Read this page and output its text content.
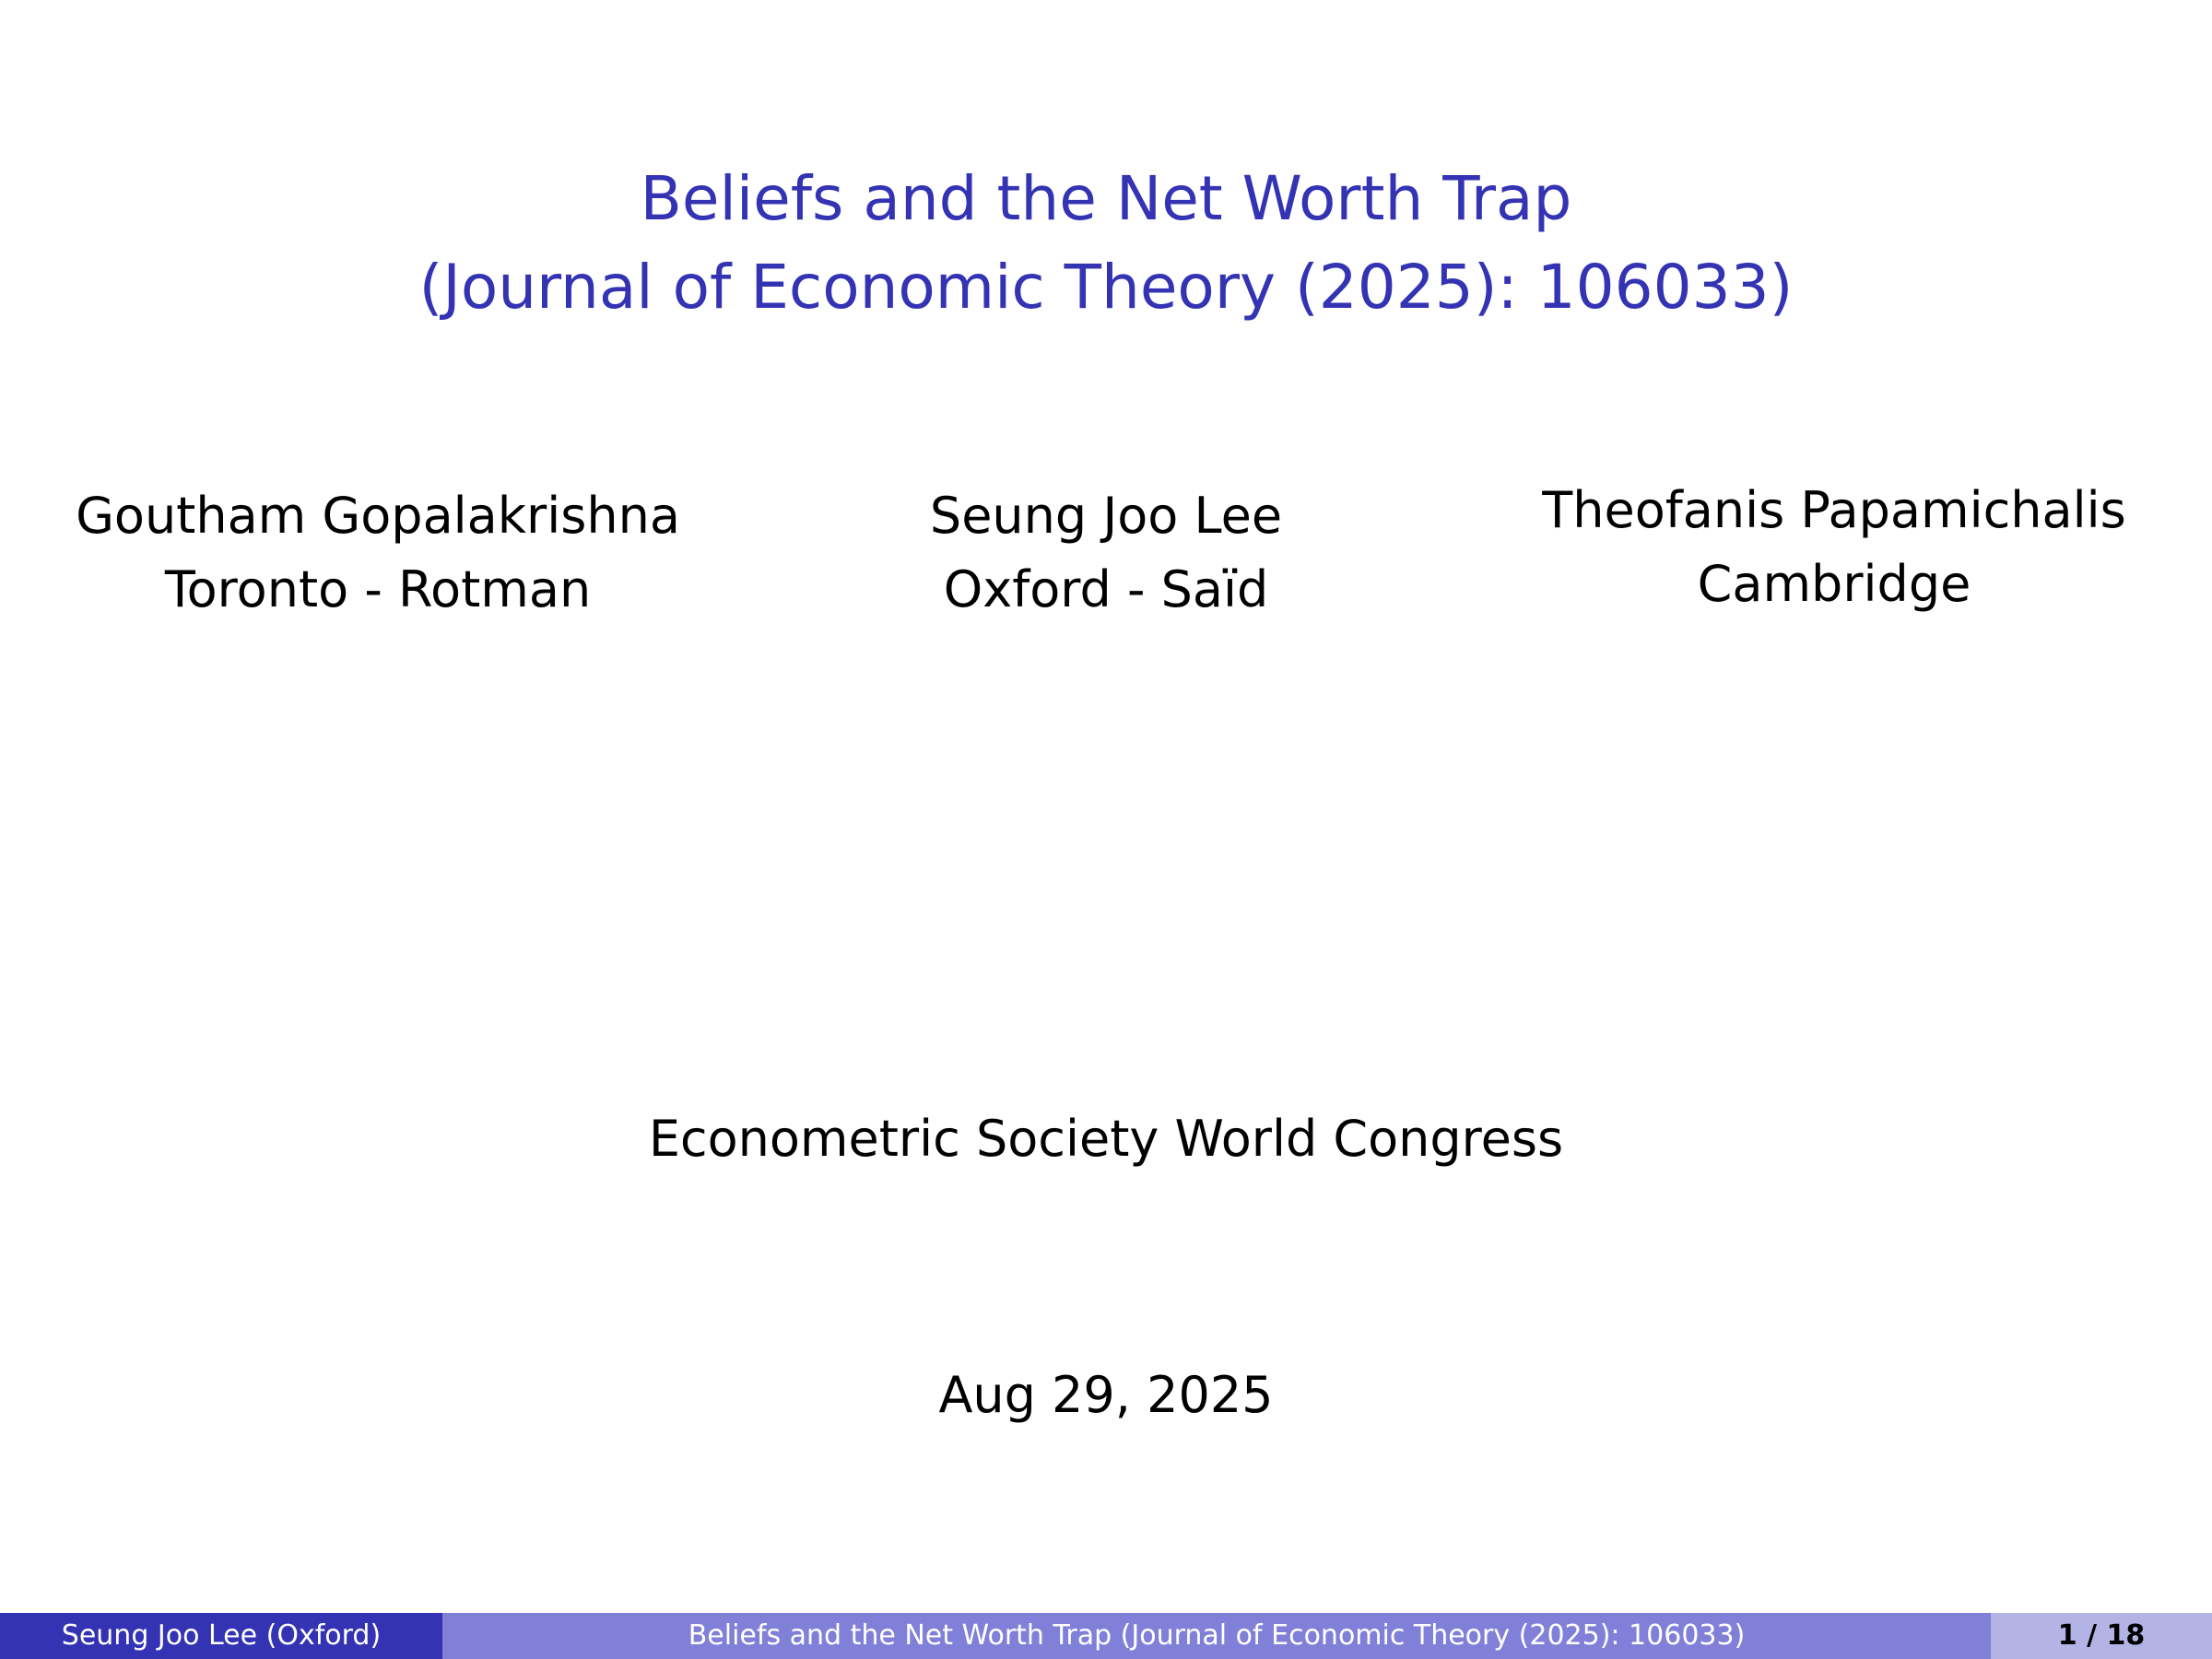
Beliefs and the Net Worth Trap
(Journal of Economic Theory (2025): 106033)
Goutham Gopalakrishna
Toronto - Rotman
Seung Joo Lee
Oxford - Saïd
Theofanis Papamichalis
Cambridge
Econometric Society World Congress
Aug 29, 2025
Seung Joo Lee (Oxford)	Beliefs and the Net Worth Trap (Journal of Economic Theory (2025): 106033)	1 / 18
